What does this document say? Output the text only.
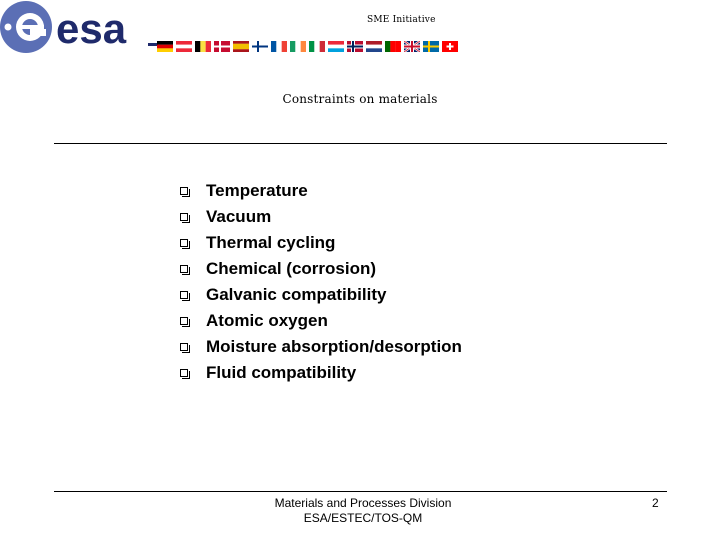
esa	SME Initiative
Constraints on materials
Temperature
Vacuum
Thermal cycling
Chemical (corrosion)
Galvanic compatibility
Atomic oxygen
Moisture absorption/desorption
Fluid compatibility
Materials and Processes Division
ESA/ESTEC/TOS-QM
2
